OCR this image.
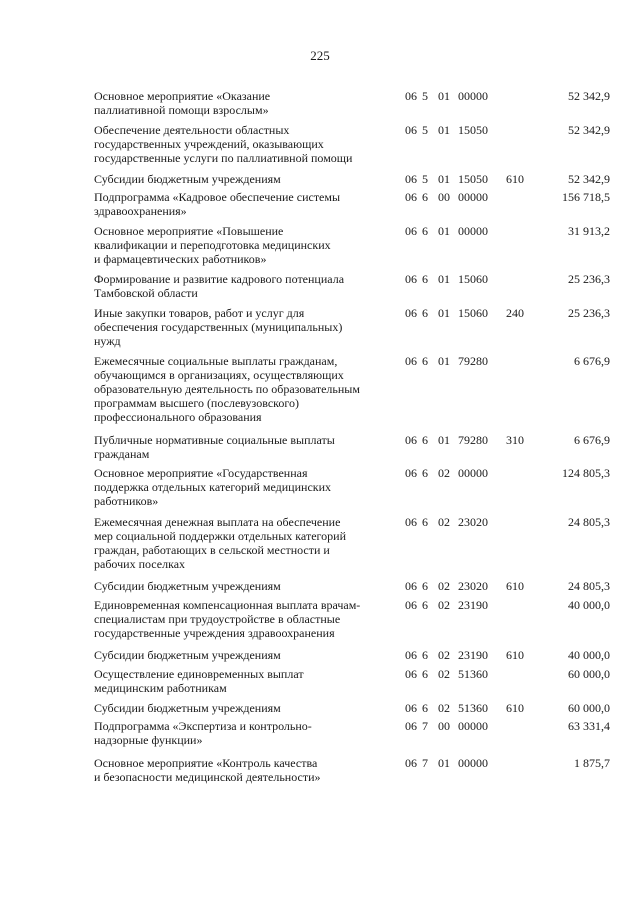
225
Основное мероприятие «Оказание
паллиативной помощи взрослым»
06 5 01 00000	52 342,9
Обеспечение деятельности областных
государственных учреждений, оказывающих
государственные услуги по паллиативной помощи
06 5 01 15050	52 342,9
Субсидии бюджетным учреждениям	06 5 01 15050 610	52 342,9
Подпрограмма «Кадровое обеспечение системы
здравоохранения»
06 6 00 00000	156 718,5
Основное мероприятие «Повышение
квалификации и переподготовка медицинских
и фармацевтических работников»
06 6 01 00000	31 913,2
Формирование и развитие кадрового потенциала
Тамбовской области
06 6 01 15060	25 236,3
Иные закупки товаров, работ и услуг для
обеспечения государственных (муниципальных)
нужд
06 6 01 15060 240	25 236,3
Ежемесячные социальные выплаты гражданам,
обучающимся в организациях, осуществляющих
образовательную деятельность по образовательным
программам высшего (послевузовского)
профессионального образования
06 6 01 79280	6 676,9
Публичные нормативные социальные выплаты
гражданам
06 6 01 79280 310	6 676,9
Основное мероприятие «Государственная
поддержка отдельных категорий медицинских
работников»
06 6 02 00000	124 805,3
Ежемесячная денежная выплата на обеспечение
мер социальной поддержки отдельных категорий
граждан, работающих в сельской местности и
рабочих поселках
06 6 02 23020	24 805,3
Субсидии бюджетным учреждениям	06 6 02 23020 610	24 805,3
Единовременная компенсационная выплата врачам-
специалистам при трудоустройстве в областные
государственные учреждения здравоохранения
06 6 02 23190	40 000,0
Субсидии бюджетным учреждениям	06 6 02 23190 610	40 000,0
Осуществление единовременных выплат
медицинским работникам
06 6 02 51360	60 000,0
Субсидии бюджетным учреждениям	06 6 02 51360 610	60 000,0
Подпрограмма «Экспертиза и контрольно-
надзорные функции»
06 7 00 00000	63 331,4
Основное мероприятие «Контроль качества
и безопасности медицинской деятельности»
06 7 01 00000	1 875,7
